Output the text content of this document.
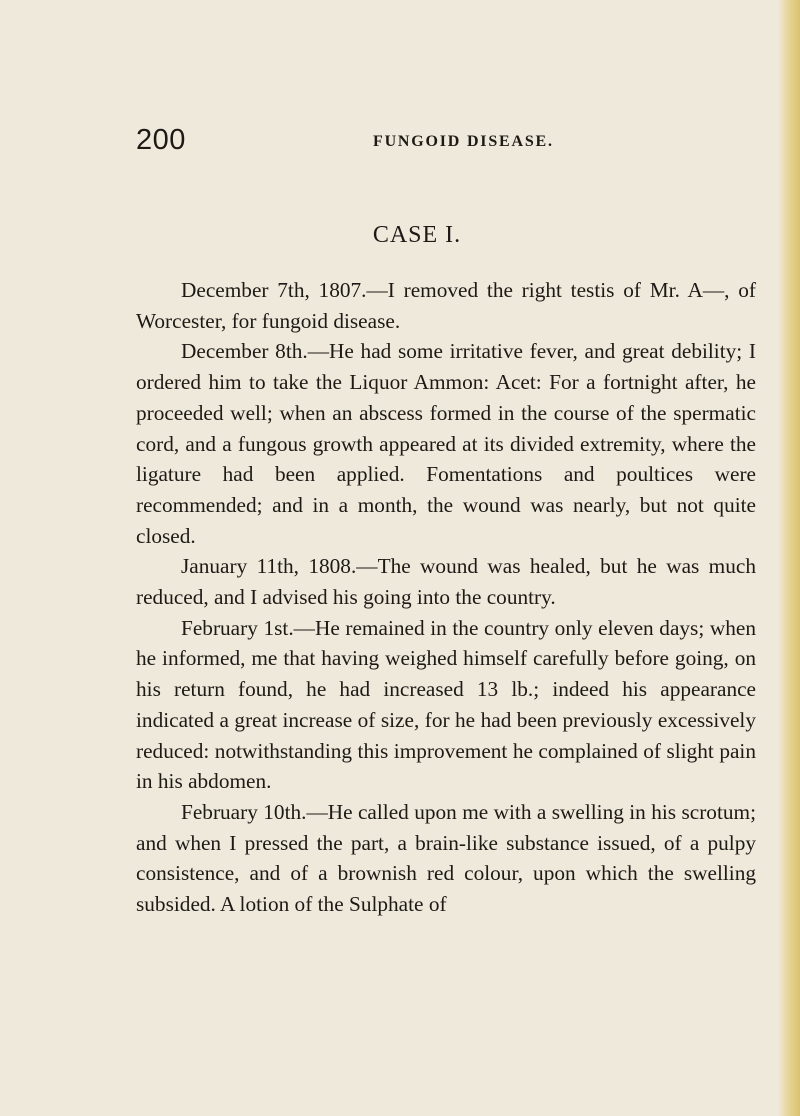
200	FUNGOID DISEASE.
CASE I.

December 7th, 1807.—I removed the right testis of Mr. A—, of Worcester, for fungoid disease.

December 8th.—He had some irritative fever, and great debility; I ordered him to take the Liquor Ammon: Acet: For a fortnight after, he proceeded well; when an abscess formed in the course of the spermatic cord, and a fungous growth appeared at its divided extremity, where the ligature had been applied. Fomentations and poultices were recommended; and in a month, the wound was nearly, but not quite closed.

January 11th, 1808.—The wound was healed, but he was much reduced, and I advised his going into the country.

February 1st.—He remained in the country only eleven days; when he informed, me that having weighed himself carefully before going, on his return found, he had increased 13 lb.; indeed his appearance indicated a great increase of size, for he had been previously excessively reduced: notwithstanding this improvement he complained of slight pain in his abdomen.

February 10th.—He called upon me with a swelling in his scrotum; and when I pressed the part, a brain-like substance issued, of a pulpy consistence, and of a brownish red colour, upon which the swelling subsided. A lotion of the Sulphate of
